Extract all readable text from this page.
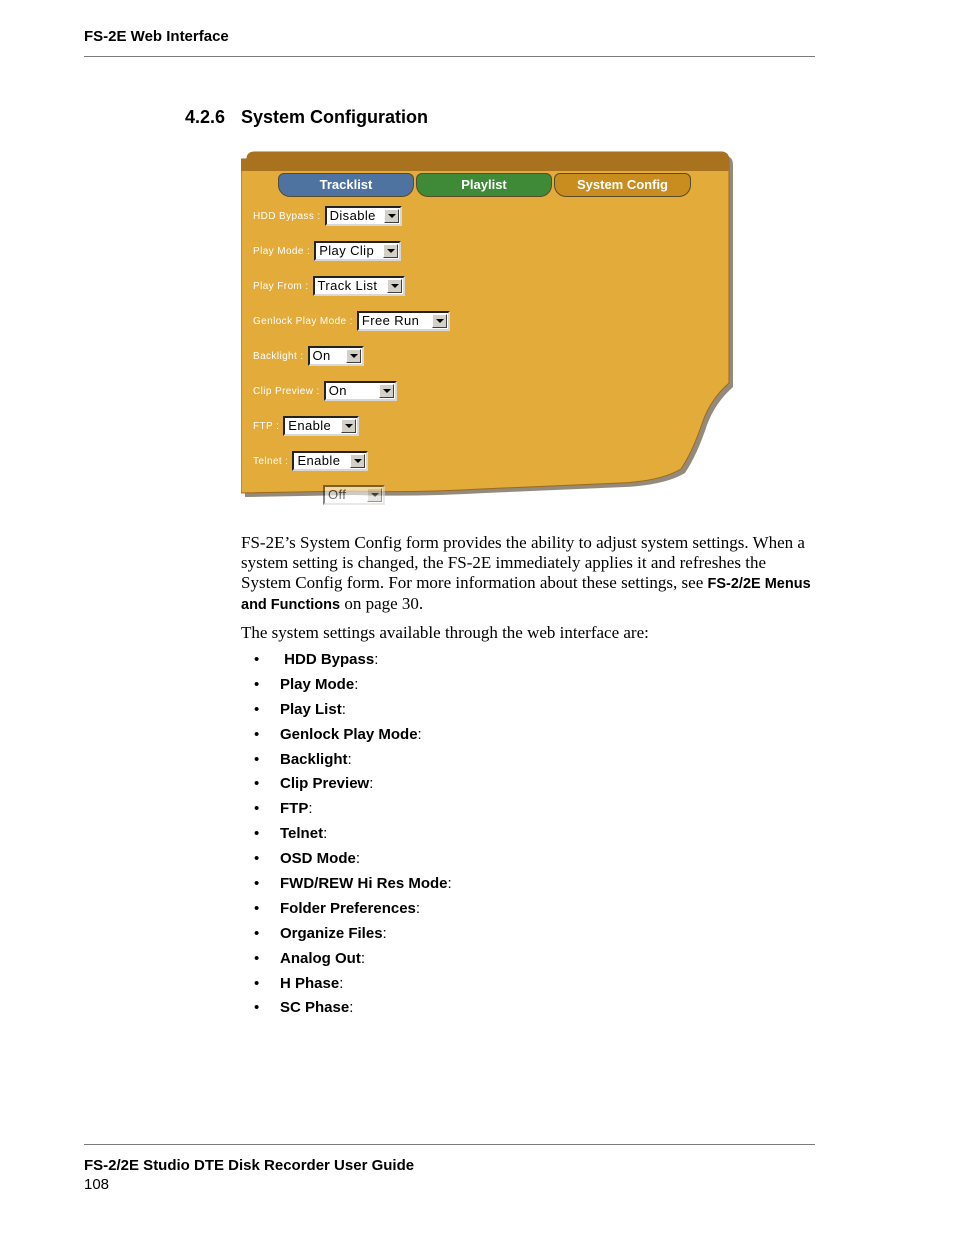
FS-2E Web Interface
4.2.6 System Configuration
Tracklist	Playlist	System Config
HDD Bypass : Disable
Play Mode : Play Clip
Play From : Track List
Genlock Play Mode : Free Run
Backlight : On
Clip Preview : On
FTP : Enable
Telnet : Enable
Off
FS-2E’s System Config form provides the ability to adjust system settings. When a system setting is changed, the FS-2E immediately applies it and refreshes the System Config form. For more information about these settings, see FS-2/2E Menus and Functions on page 30.
The system settings available through the web interface are:
• HDD Bypass:
• Play Mode:
• Play List:
• Genlock Play Mode:
• Backlight:
• Clip Preview:
• FTP:
• Telnet:
• OSD Mode:
• FWD/REW Hi Res Mode:
• Folder Preferences:
• Organize Files:
• Analog Out:
• H Phase:
• SC Phase:
FS-2/2E Studio DTE Disk Recorder User Guide
108
